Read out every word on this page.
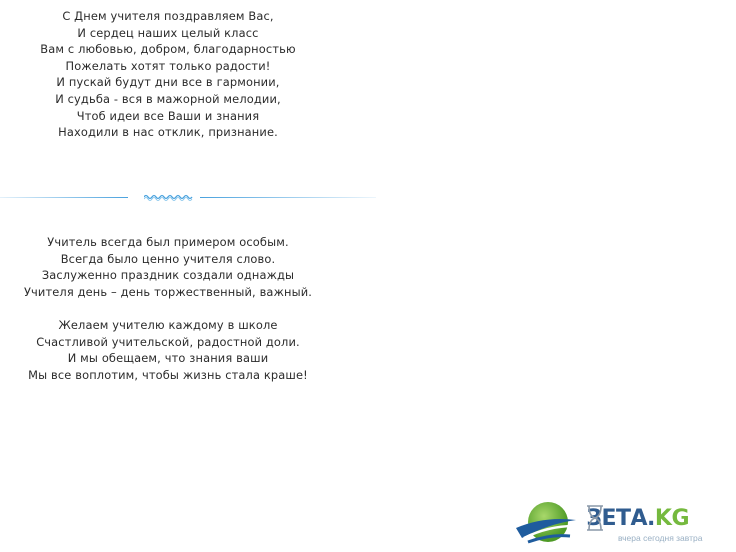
С Днем учителя поздравляем Вас,
И сердец наших целый класс
Вам с любовью, добром, благодарностью
Пожелать хотят только радости!
И пускай будут дни все в гармонии,
И судьба - вся в мажорной мелодии,
Чтоб идеи все Ваши и знания
Находили в нас отклик, признание.
Учитель всегда был примером особым.
Всегда было ценно учителя слово.
Заслуженно праздник создали однажды
Учителя день – день торжественный, важный.
Желаем учителю каждому в школе
Счастливой учительской, радостной доли.
И мы обещаем, что знания ваши
Мы все воплотим, чтобы жизнь стала краше!
ЗЕТА.KG
вчера сегодня завтра
